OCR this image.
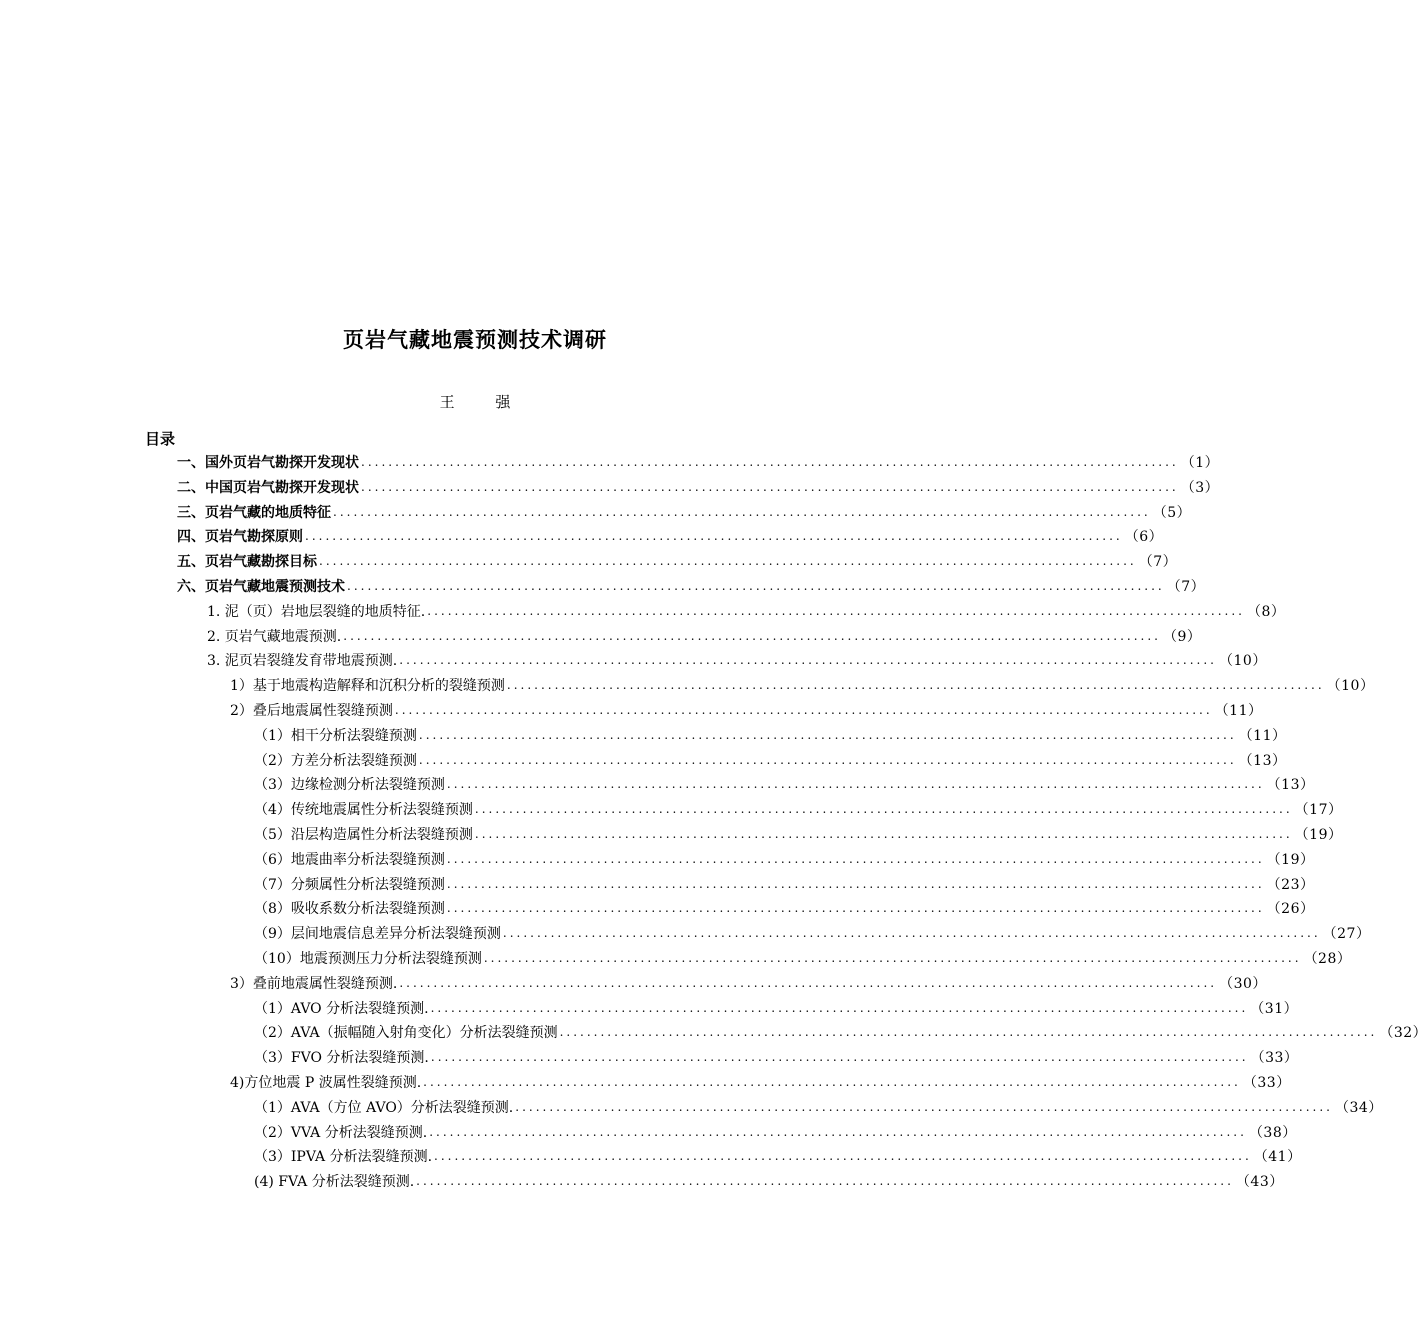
页岩气藏地震预测技术调研
王 强
目录
一、国外页岩气勘探开发现状 ........................................................................................................................ （1）
二、中国页岩气勘探开发现状 ........................................................................................................................ （3）
三、页岩气藏的地质特征 ........................................................................................................................ （5）
四、页岩气勘探原则 ........................................................................................................................ （6）
五、页岩气藏勘探目标 ........................................................................................................................ （7）
六、页岩气藏地震预测技术 ........................................................................................................................ （7）
1. 泥（页）岩地层裂缝的地质特征. ........................................................................................................................ （8）
2. 页岩气藏地震预测. ........................................................................................................................ （9）
3. 泥页岩裂缝发育带地震预测. ........................................................................................................................ （10）
1）基于地震构造解释和沉积分析的裂缝预测 ........................................................................................................................ （10）
2）叠后地震属性裂缝预测 ........................................................................................................................ （11）
（1）相干分析法裂缝预测 ........................................................................................................................ （11）
（2）方差分析法裂缝预测 ........................................................................................................................ （13）
（3）边缘检测分析法裂缝预测 ........................................................................................................................ （13）
（4）传统地震属性分析法裂缝预测 ........................................................................................................................ （17）
（5）沿层构造属性分析法裂缝预测 ........................................................................................................................ （19）
（6）地震曲率分析法裂缝预测 ........................................................................................................................ （19）
（7）分频属性分析法裂缝预测 ........................................................................................................................ （23）
（8）吸收系数分析法裂缝预测 ........................................................................................................................ （26）
（9）层间地震信息差异分析法裂缝预测 ........................................................................................................................ （27）
（10）地震预测压力分析法裂缝预测 ........................................................................................................................ （28）
3）叠前地震属性裂缝预测. ........................................................................................................................ （30）
（1）AVO 分析法裂缝预测. ........................................................................................................................ （31）
（2）AVA（振幅随入射角变化）分析法裂缝预测 ........................................................................................................................ （32）
（3）FVO 分析法裂缝预测. ........................................................................................................................ （33）
4)方位地震 P 波属性裂缝预测. ........................................................................................................................ （33）
（1）AVA（方位 AVO）分析法裂缝预测. ........................................................................................................................ （34）
（2）VVA 分析法裂缝预测. ........................................................................................................................ （38）
（3）IPVA 分析法裂缝预测. ........................................................................................................................ （41）
(4) FVA 分析法裂缝预测. ........................................................................................................................ （43）
